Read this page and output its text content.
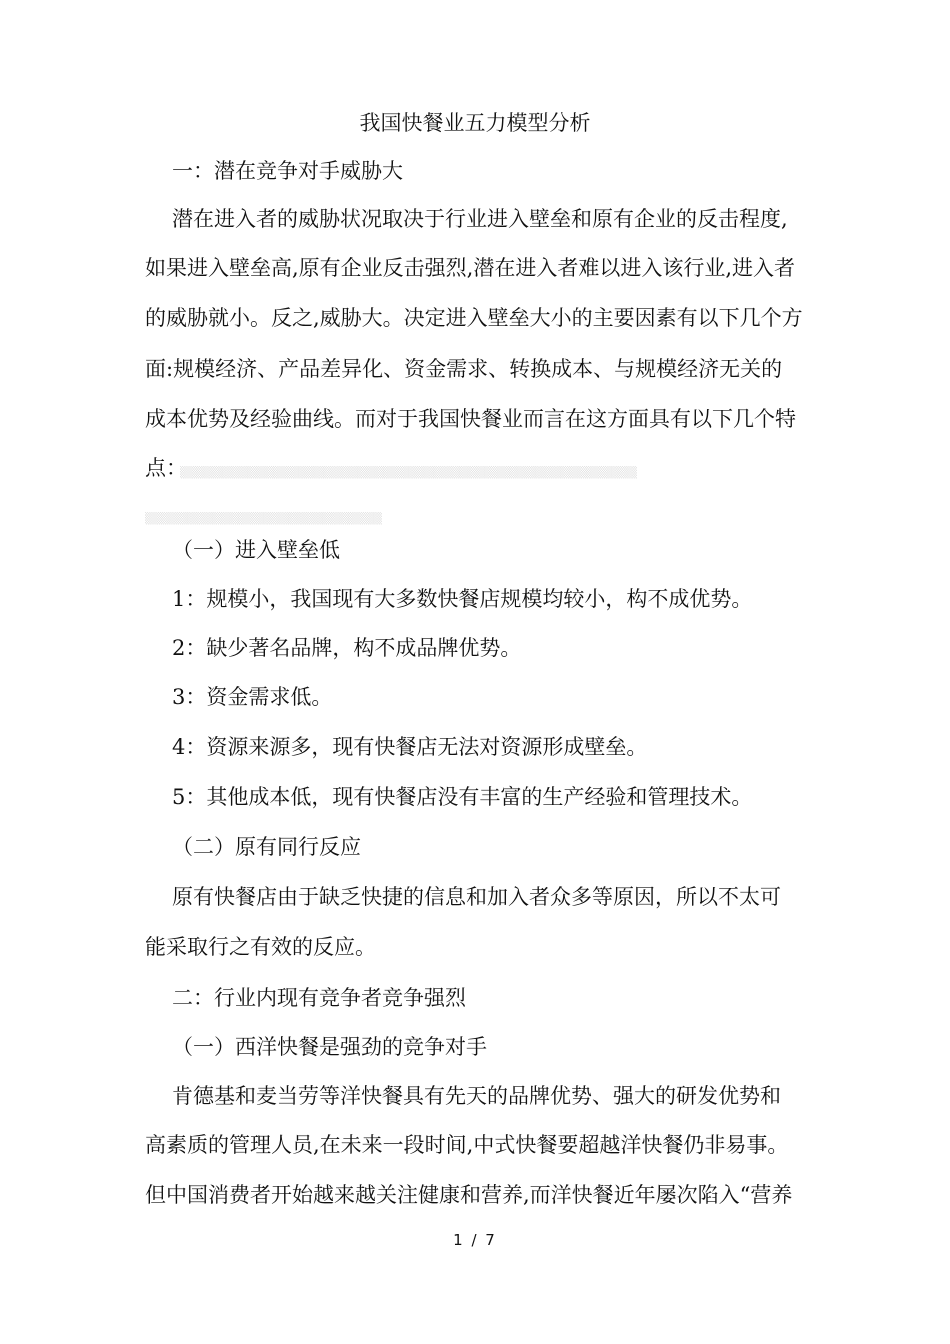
我国快餐业五力模型分析
一：潜在竞争对手威胁大
潜在进入者的威胁状况取决于行业进入壁垒和原有企业的反击程度,
如果进入壁垒高,原有企业反击强烈,潜在进入者难以进入该行业,进入者
的威胁就小。反之,威胁大。决定进入壁垒大小的主要因素有以下几个方
面:规模经济、产品差异化、资金需求、转换成本、与规模经济无关的
成本优势及经验曲线。而对于我国快餐业而言在这方面具有以下几个特
点：
▒▒▒▒▒▒▒▒▒▒▒▒▒▒▒▒▒▒▒▒▒▒▒▒▒▒▒▒▒▒▒▒▒▒▒▒▒▒▒▒▒▒▒▒▒▒▒▒▒▒▒▒▒▒
▒▒▒▒▒▒▒▒▒▒▒▒▒▒▒▒▒▒▒▒▒▒▒▒▒▒▒▒
（一）进入壁垒低
1：规模小，我国现有大多数快餐店规模均较小，构不成优势。
2：缺少著名品牌，构不成品牌优势。
3：资金需求低。
4：资源来源多，现有快餐店无法对资源形成壁垒。
5：其他成本低，现有快餐店没有丰富的生产经验和管理技术。
（二）原有同行反应
原有快餐店由于缺乏快捷的信息和加入者众多等原因，所以不太可
能采取行之有效的反应。
二：行业内现有竞争者竞争强烈
（一）西洋快餐是强劲的竞争对手
肯德基和麦当劳等洋快餐具有先天的品牌优势、强大的研发优势和
高素质的管理人员,在未来一段时间,中式快餐要超越洋快餐仍非易事。
但中国消费者开始越来越关注健康和营养,而洋快餐近年屡次陷入“营养
1 / 7
